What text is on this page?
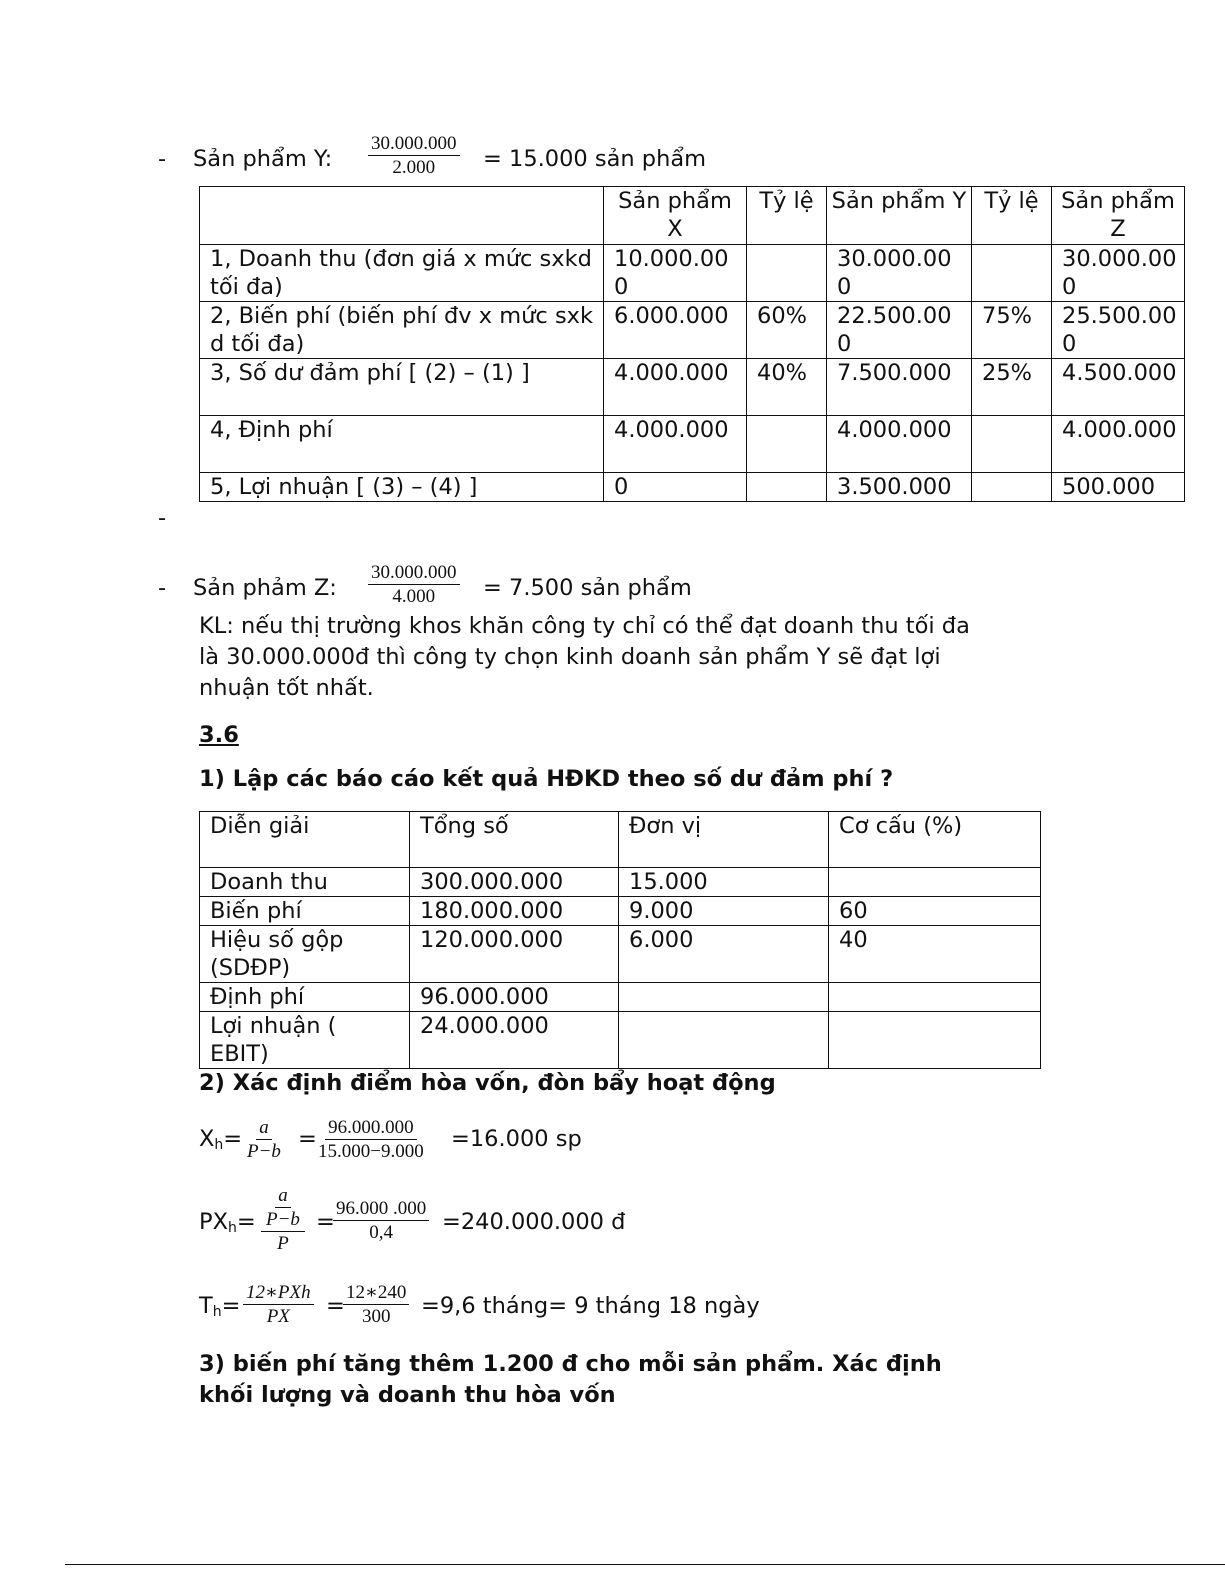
- Sản phẩm Y: $\frac{30.000.000}{2.000} = 15.000$ sản phẩm
	Sản phẩm X	Tỷ lệ	Sản phẩm Y	Tỷ lệ	Sản phẩm Z
1, Doanh thu (đơn giá x mức sxkd tối đa)	10.000.000		30.000.000		30.000.000
2, Biến phí (biến phí đv x mức sxkd tối đa)	6.000.000	60%	22.500.000	75%	25.500.000
3, Số dư đảm phí [ (2) – (1) ]	4.000.000	40%	7.500.000	25%	4.500.000
4, Định phí	4.000.000		4.000.000		4.000.000
5, Lợi nhuận [ (3) – (4) ]	0		3.500.000		500.000
-
- Sản phảm Z: $\frac{30.000.000}{4.000} = 7.500$ sản phẩm
KL: nếu thị trường khos khăn công ty chỉ có thể đạt doanh thu tối đa
là 30.000.000đ thì công ty chọn kinh doanh sản phẩm Y sẽ đạt lợi
nhuận tốt nhất.
3.6
1) Lập các báo cáo kết quả HĐKD theo số dư đảm phí ?
Diễn giải	Tổng số	Đơn vị	Cơ cấu (%)
Doanh thu	300.000.000	15.000	
Biến phí	180.000.000	9.000	60
Hiệu số gộp (SDĐP)	120.000.000	6.000	40
Định phí	96.000.000		
Lợi nhuận ( EBIT)	24.000.000		
2) Xác định điểm hòa vốn, đòn bẩy hoạt động
$X_h= \frac{a}{P-b}$ =
$\frac{96.000.000}{15.000-9.000} =16.000$ sp
$PX_h= \frac{\frac{a}{P-b}}{P}$ =
$\frac{96.000 .000}{0,4} =240.000.000$ đ
$T_h=$
12∗PXh
PX =
$\frac{12∗240}{300} =9,6$ tháng= 9 tháng 18 ngày
3) biến phí tăng thêm 1.200 đ cho mỗi sản phẩm. Xác định
khối lượng và doanh thu hòa vốn
